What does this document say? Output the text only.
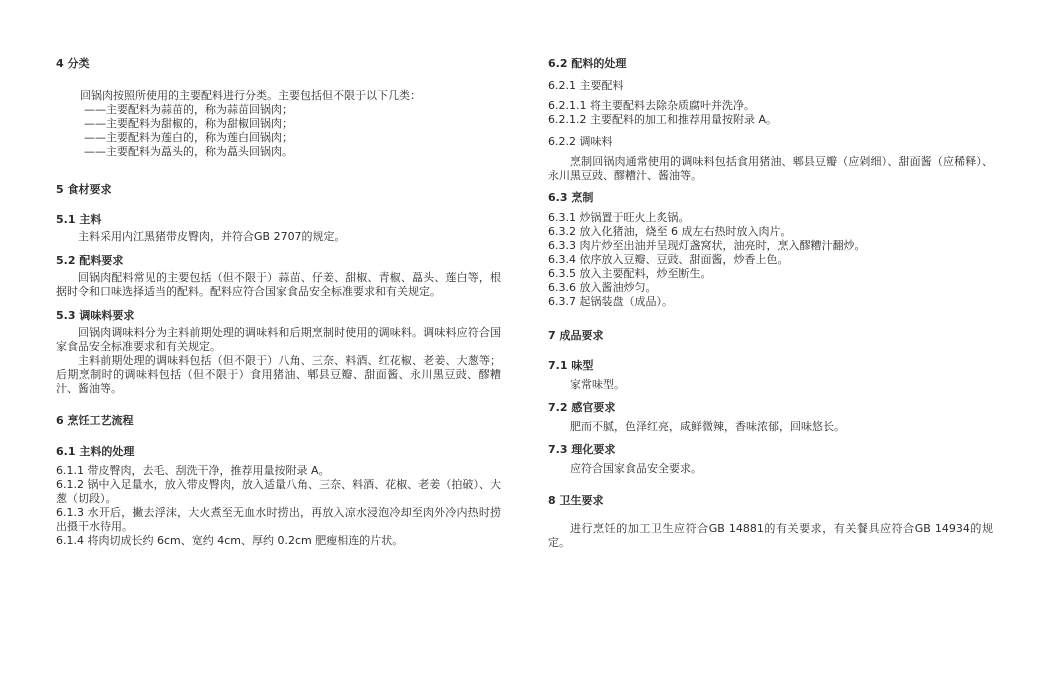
4 分类

回锅肉按照所使用的主要配料进行分类。主要包括但不限于以下几类：

——主要配料为蒜苗的，称为蒜苗回锅肉；

——主要配料为甜椒的，称为甜椒回锅肉；

——主要配料为莲白的，称为莲白回锅肉；

——主要配料为藠头的，称为藠头回锅肉。

5 食材要求

5.1 主料

主料采用内江黑猪带皮臀肉，并符合GB 2707的规定。

5.2 配料要求

回锅肉配料常见的主要包括（但不限于）蒜苗、仔姜、甜椒、青椒、藠头、莲白等，根据时令和口味选择适当的配料。配料应符合国家食品安全标准要求和有关规定。

5.3 调味料要求

回锅肉调味料分为主料前期处理的调味料和后期烹制时使用的调味料。调味料应符合国家食品安全标准要求和有关规定。

主料前期处理的调味料包括（但不限于）八角、三奈、料酒、红花椒、老姜、大葱等；后期烹制时的调味料包括（但不限于）食用猪油、郫县豆瓣、甜面酱、永川黑豆豉、醪糟汁、酱油等。

6 烹饪工艺流程

6.1 主料的处理

6.1.1 带皮臀肉，去毛、刮洗干净，推荐用量按附录 A。

6.1.2 锅中入足量水，放入带皮臀肉，放入适量八角、三奈、料酒、花椒、老姜（拍破）、大葱（切段）。

6.1.3 水开后，撇去浮沫，大火煮至无血水时捞出，再放入凉水浸泡冷却至肉外冷内热时捞出摄干水待用。

6.1.4 将肉切成长约 6cm、宽约 4cm、厚约 0.2cm 肥瘦相连的片状。

6.2 配料的处理

6.2.1 主要配料

6.2.1.1 将主要配料去除杂质腐叶并洗净。

6.2.1.2 主要配料的加工和推荐用量按附录 A。

6.2.2 调味料

烹制回锅肉通常使用的调味料包括食用猪油、郫县豆瓣（应剁细）、甜面酱（应稀释）、永川黑豆豉、醪糟汁、酱油等。

6.3 烹制

6.3.1 炒锅置于旺火上炙锅。

6.3.2 放入化猪油，烧至 6 成左右热时放入肉片。

6.3.3 肉片炒至出油并呈现灯盏窝状，油亮时，烹入醪糟汁翻炒。

6.3.4 依序放入豆瓣、豆豉、甜面酱，炒香上色。

6.3.5 放入主要配料，炒至断生。

6.3.6 放入酱油炒匀。

6.3.7 起锅装盘（成品）。

7 成品要求

7.1 味型

家常味型。

7.2 感官要求

肥而不腻，色泽红亮，咸鲜微辣，香味浓郁，回味悠长。

7.3 理化要求

应符合国家食品安全要求。

8 卫生要求

进行烹饪的加工卫生应符合GB 14881的有关要求，有关餐具应符合GB 14934的规定。
